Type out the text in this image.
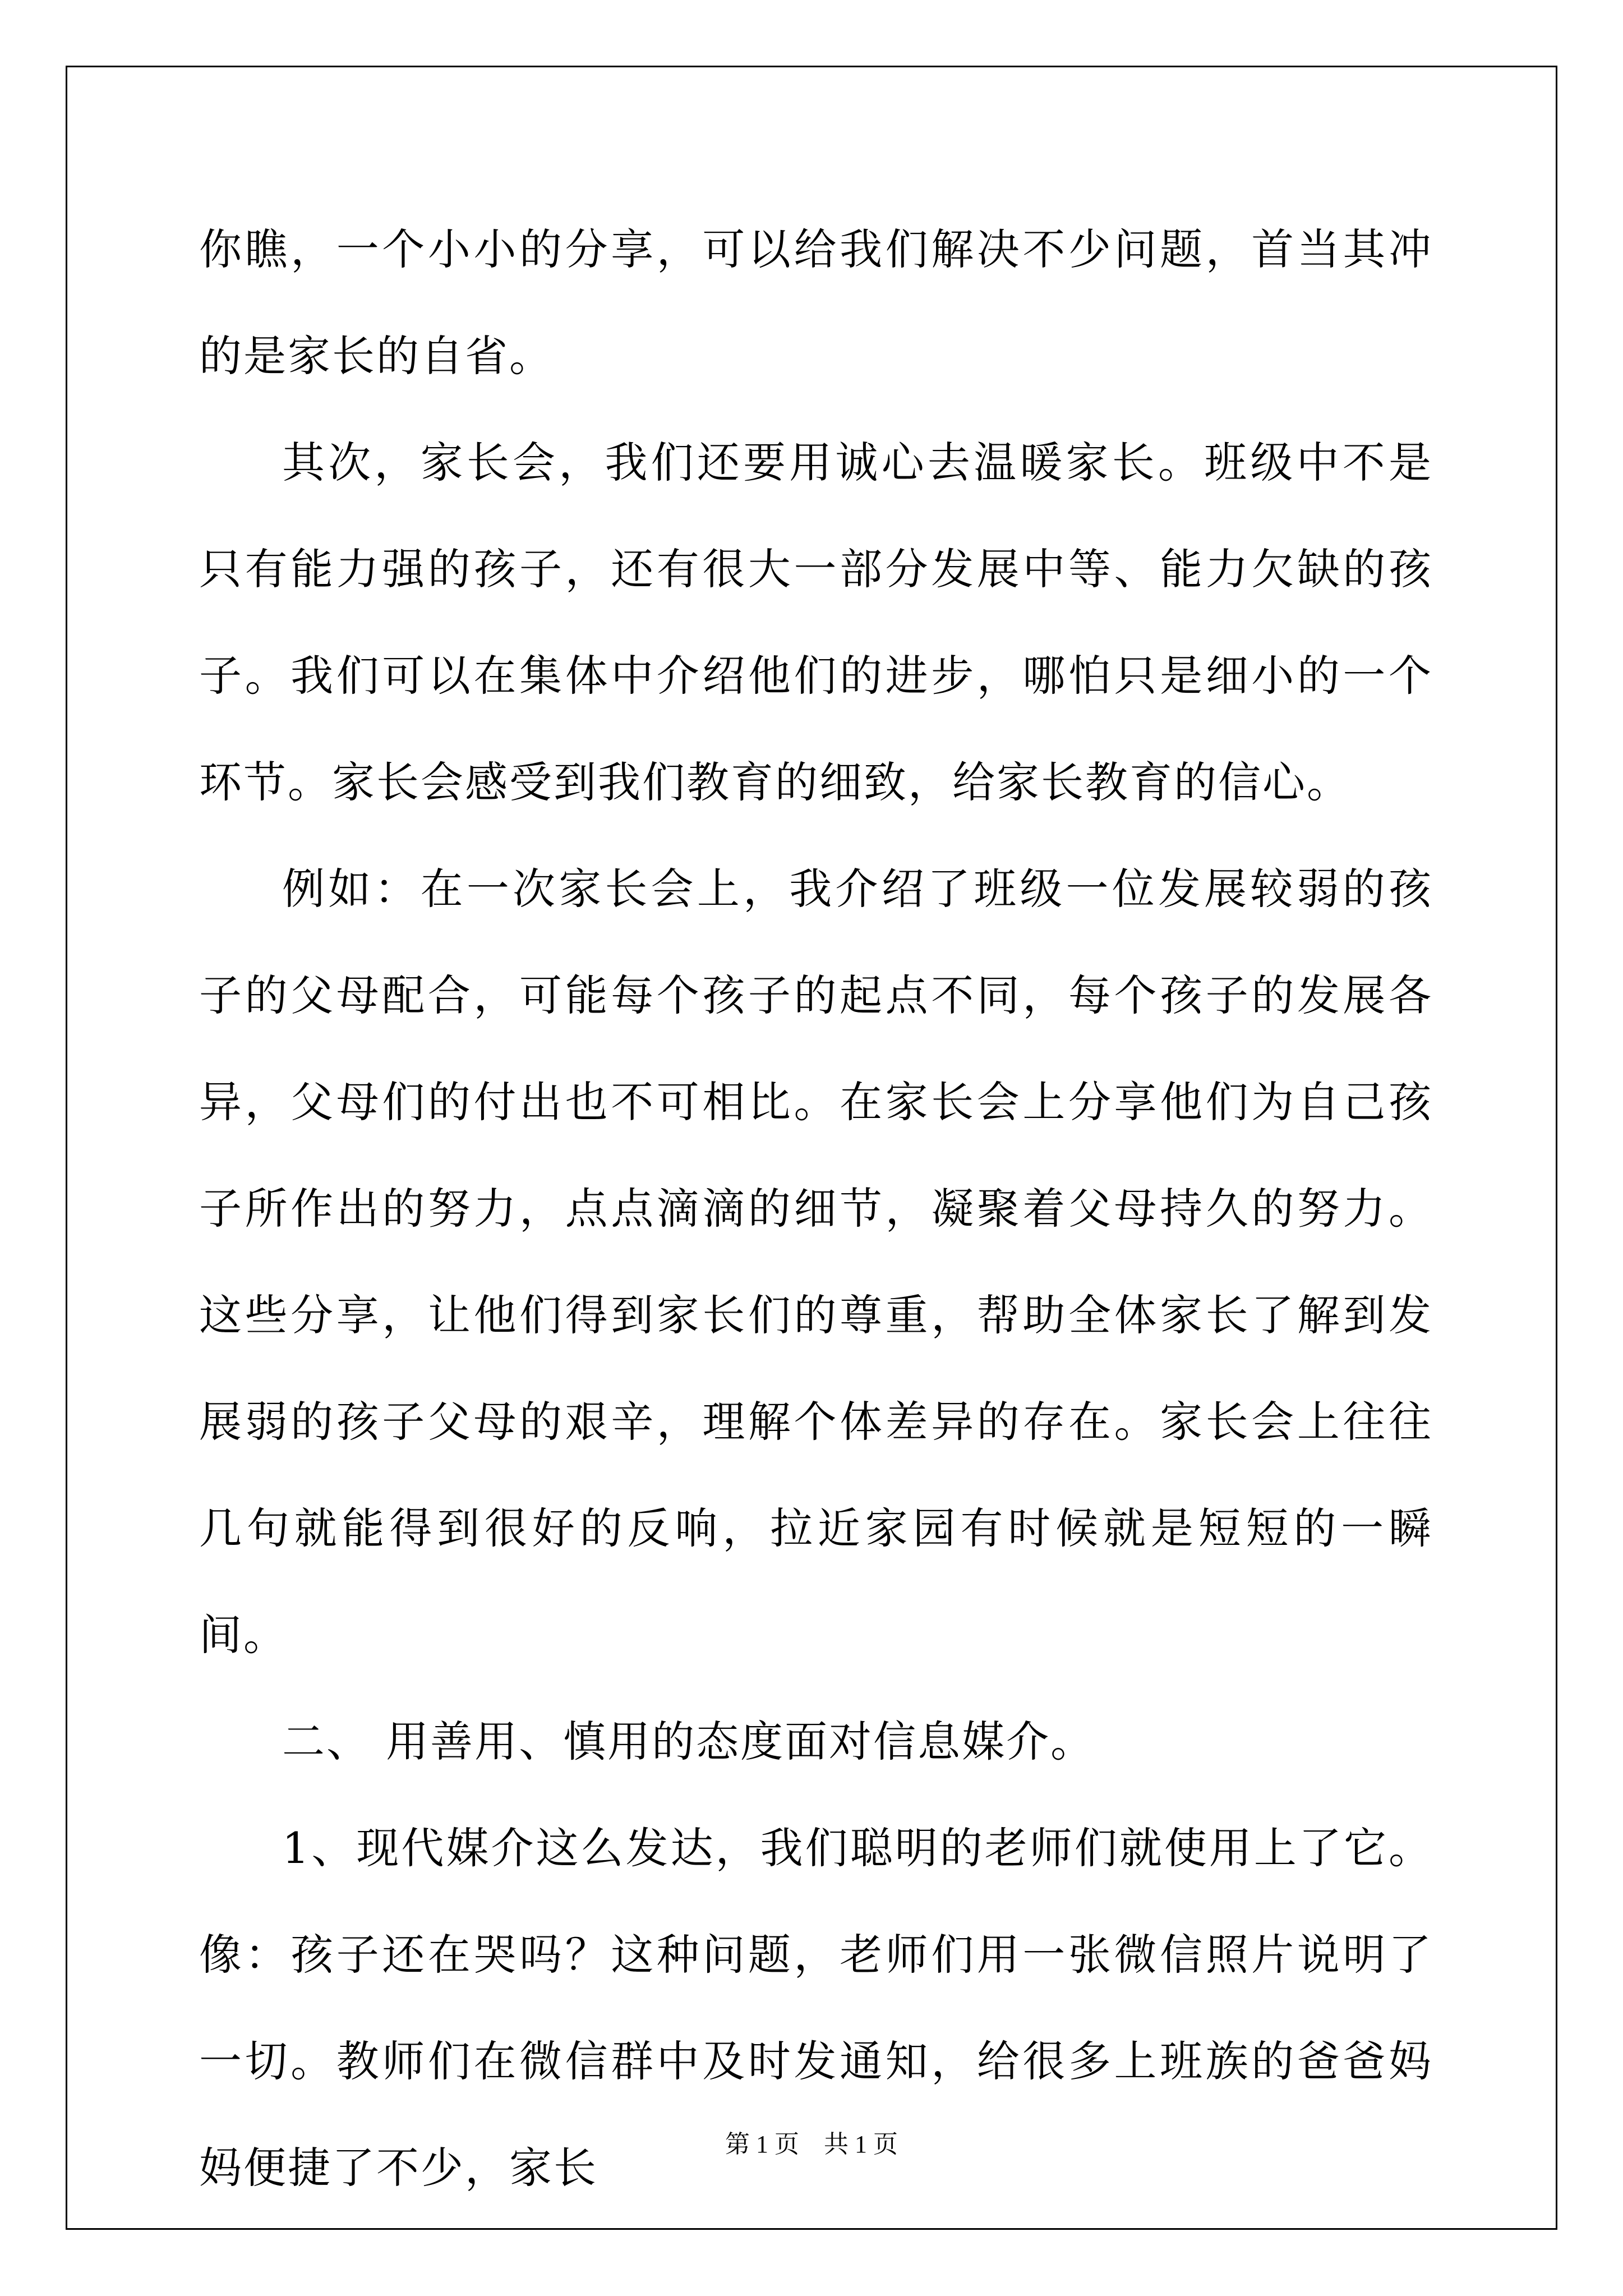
你瞧，一个小小的分享，可以给我们解决不少问题，首当其冲的是家长的自省。

其次，家长会，我们还要用诚心去温暖家长。班级中不是只有能力强的孩子，还有很大一部分发展中等、能力欠缺的孩子。我们可以在集体中介绍他们的进步，哪怕只是细小的一个环节。家长会感受到我们教育的细致，给家长教育的信心。

例如：在一次家长会上，我介绍了班级一位发展较弱的孩子的父母配合，可能每个孩子的起点不同，每个孩子的发展各异，父母们的付出也不可相比。在家长会上分享他们为自己孩子所作出的努力，点点滴滴的细节，凝聚着父母持久的努力。这些分享，让他们得到家长们的尊重，帮助全体家长了解到发展弱的孩子父母的艰辛，理解个体差异的存在。家长会上往往几句就能得到很好的反响，拉近家园有时候就是短短的一瞬间。

二、 用善用、慎用的态度面对信息媒介。

1、现代媒介这么发达，我们聪明的老师们就使用上了它。像：孩子还在哭吗？这种问题，老师们用一张微信照片说明了一切。教师们在微信群中及时发通知，给很多上班族的爸爸妈妈便捷了不少，家长	第 1 页　共 1 页
